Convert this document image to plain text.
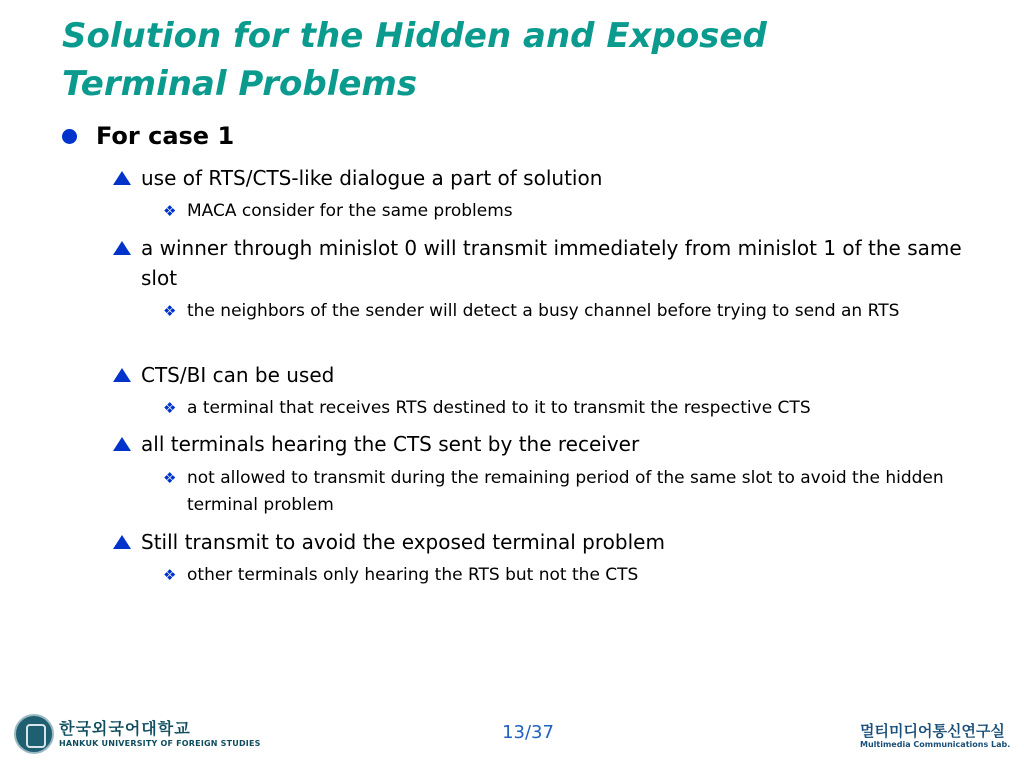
Solution for the Hidden and Exposed
Terminal Problems
For case 1
use of RTS/CTS-like dialogue a part of solution
❖ MACA consider for the same problems
a winner through minislot 0 will transmit immediately from minislot 1 of the same slot
❖ the neighbors of the sender will detect a busy channel before trying to send an RTS
CTS/BI can be used
❖ a terminal that receives RTS destined to it to transmit the respective CTS
all terminals hearing the CTS sent by the receiver
❖ not allowed to transmit during the remaining period of the same slot to avoid the hidden terminal problem
Still transmit to avoid the exposed terminal problem
❖ other terminals only hearing the RTS but not the CTS
한국외국어대학교
HANKUK UNIVERSITY OF FOREIGN STUDIES
13/37	멀티미디어통신연구실
Multimedia Communications Lab.
